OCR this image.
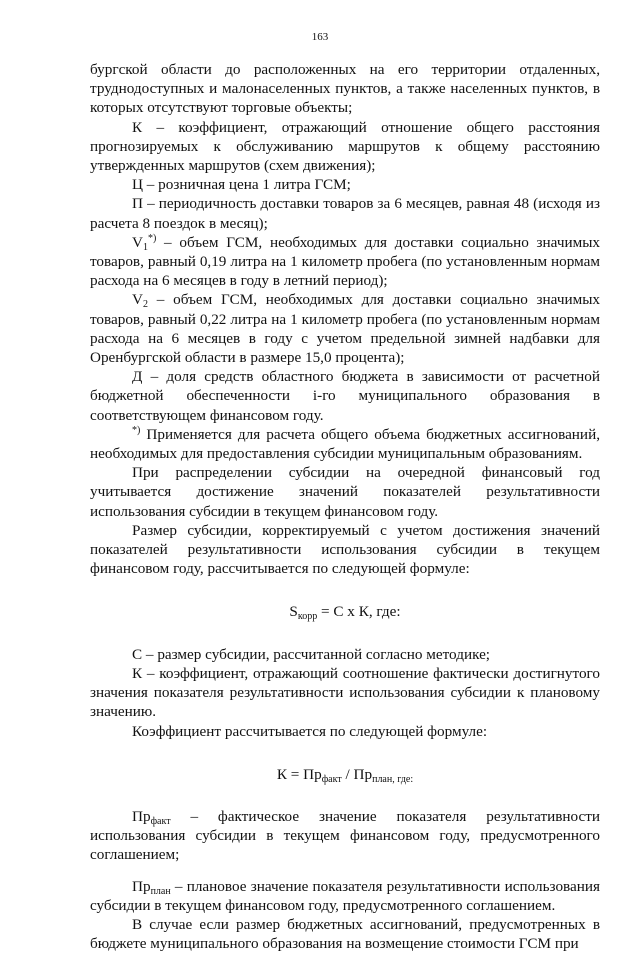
163

бургской области до расположенных на его территории отдаленных, труднодоступных и малонаселенных пунктов, а также населенных пунктов, в которых отсутствуют торговые объекты;

К – коэффициент, отражающий отношение общего расстояния прогнозируемых к обслуживанию маршрутов к общему расстоянию утвержденных маршрутов (схем движения);

Ц – розничная цена 1 литра ГСМ;

П – периодичность доставки товаров за 6 месяцев, равная 48 (исходя из расчета 8 поездок в месяц);

$V_1^{*)}$ – объем ГСМ, необходимых для доставки социально значимых товаров, равный 0,19 литра на 1 километр пробега (по установленным нормам расхода на 6 месяцев в году в летний период);

$V_2$ – объем ГСМ, необходимых для доставки социально значимых товаров, равный 0,22 литра на 1 километр пробега (по установленным нормам расхода на 6 месяцев в году с учетом предельной зимней надбавки для Оренбургской области в размере 15,0 процента);

Д – доля средств областного бюджета в зависимости от расчетной бюджетной обеспеченности i-го муниципального образования в соответствующем финансовом году.

*) Применяется для расчета общего объема бюджетных ассигнований, необходимых для предоставления субсидии муниципальным образованиям.

При распределении субсидии на очередной финансовый год учитывается достижение значений показателей результативности использования субсидии в текущем финансовом году.

Размер субсидии, корректируемый с учетом достижения значений показателей результативности использования субсидии в текущем финансовом году, рассчитывается по следующей формуле:

$S_{корр} = С$ х К, где:

С – размер субсидии, рассчитанной согласно методике;

К – коэффициент, отражающий соотношение фактически достигнутого значения показателя результативности использования субсидии к плановому значению.

Коэффициент рассчитывается по следующей формуле:

$К = Пр_{факт} / Пр_{план, где:}$

$Пр_{факт}$ – фактическое значение показателя результативности использования субсидии в текущем финансовом году, предусмотренного соглашением;

$Пр_{план}$ – плановое значение показателя результативности использования субсидии в текущем финансовом году, предусмотренного соглашением.

В случае если размер бюджетных ассигнований, предусмотренных в бюджете муниципального образования на возмещение стоимости ГСМ при
